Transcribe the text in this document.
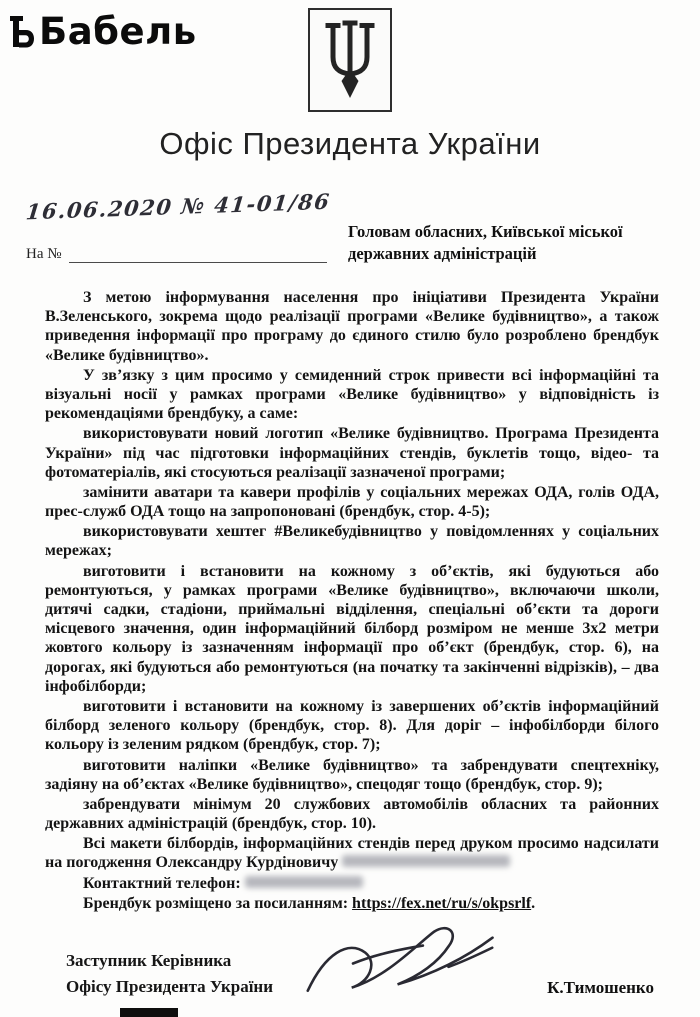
Бабель
Офіс Президента України
16.06.2020 № 41-01/86
На №
Головам обласних, Київської міської
державних адміністрацій

З метою інформування населення про ініціативи Президента України В.Зеленського, зокрема щодо реалізації програми «Велике будівництво», а також приведення інформації про програму до єдиного стилю було розроблено брендбук «Велике будівництво».

У зв’язку з цим просимо у семиденний строк привести всі інформаційні та візуальні носії у рамках програми «Велике будівництво» у відповідність із рекомендаціями брендбуку, а саме:

використовувати новий логотип «Велике будівництво. Програма Президента України» під час підготовки інформаційних стендів, буклетів тощо, відео- та фотоматеріалів, які стосуються реалізації зазначеної програми;

замінити аватари та кавери профілів у соціальних мережах ОДА, голів ОДА, прес-служб ОДА тощо на запропоновані (брендбук, стор. 4-5);

використовувати хештег #Великебудівництво у повідомленнях у соціальних мережах;

виготовити і встановити на кожному з об’єктів, які будуються або ремонтуються, у рамках програми «Велике будівництво», включаючи школи, дитячі садки, стадіони, приймальні відділення, спеціальні об’єкти та дороги місцевого значення, один інформаційний білборд розміром не менше 3х2 метри жовтого кольору із зазначенням інформації про об’єкт (брендбук, стор. 6), на дорогах, які будуються або ремонтуються (на початку та закінченні відрізків), – два інфобілборди;

виготовити і встановити на кожному із завершених об’єктів інформаційний білборд зеленого кольору (брендбук, стор. 8). Для доріг – інфобілборди білого кольору із зеленим рядком (брендбук, стор. 7);

виготовити наліпки «Велике будівництво» та забрендувати спецтехніку, задіяну на об’єктах «Велике будівництво», спецодяг тощо (брендбук, стор. 9);

забрендувати мінімум 20 службових автомобілів обласних та районних державних адміністрацій (брендбук, стор. 10).

Всі макети білбордів, інформаційних стендів перед друком просимо надсилати на погодження Олександру Курдіновичу

Контактний телефон:

Брендбук розміщено за посиланням: https://fex.net/ru/s/okpsrlf.

Заступник Керівника
Офісу Президента України	К.Тимошенко
